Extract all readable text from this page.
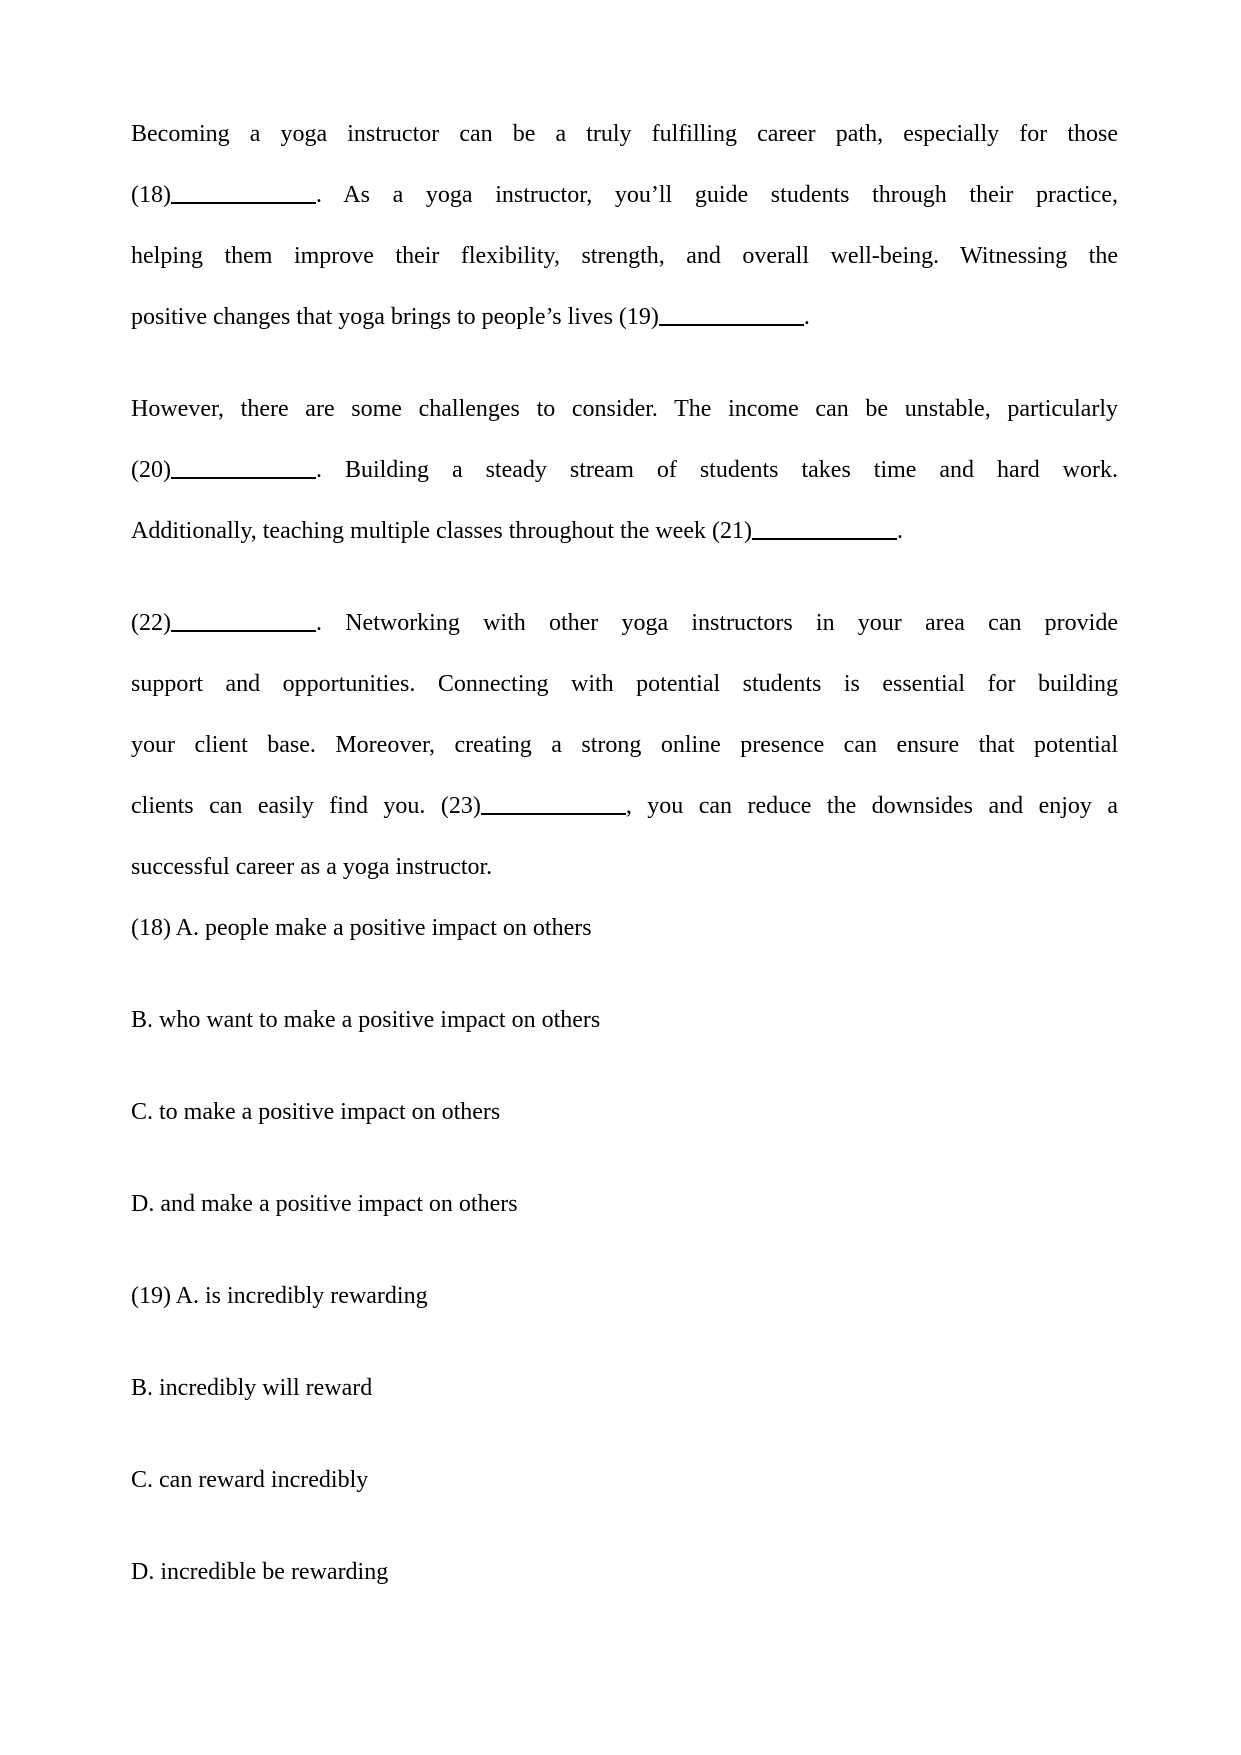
Becoming a yoga instructor can be a truly fulfilling career path, especially for those
(18)	. As a yoga instructor, you’ll guide students through their practice,
helping them improve their flexibility, strength, and overall well-being. Witnessing the
positive changes that yoga brings to people’s lives (19)	.
However, there are some challenges to consider. The income can be unstable, particularly
(20)	. Building a steady stream of students takes time and hard work.
Additionally, teaching multiple classes throughout the week (21)	.
(22)	. Networking with other yoga instructors in your area can provide
support and opportunities. Connecting with potential students is essential for building
your client base. Moreover, creating a strong online presence can ensure that potential
clients can easily find you. (23)	, you can reduce the downsides and enjoy a
successful career as a yoga instructor.
(18) A. people make a positive impact on others
B. who want to make a positive impact on others
C. to make a positive impact on others
D. and make a positive impact on others
(19) A. is incredibly rewarding
B. incredibly will reward
C. can reward incredibly
D. incredible be rewarding
